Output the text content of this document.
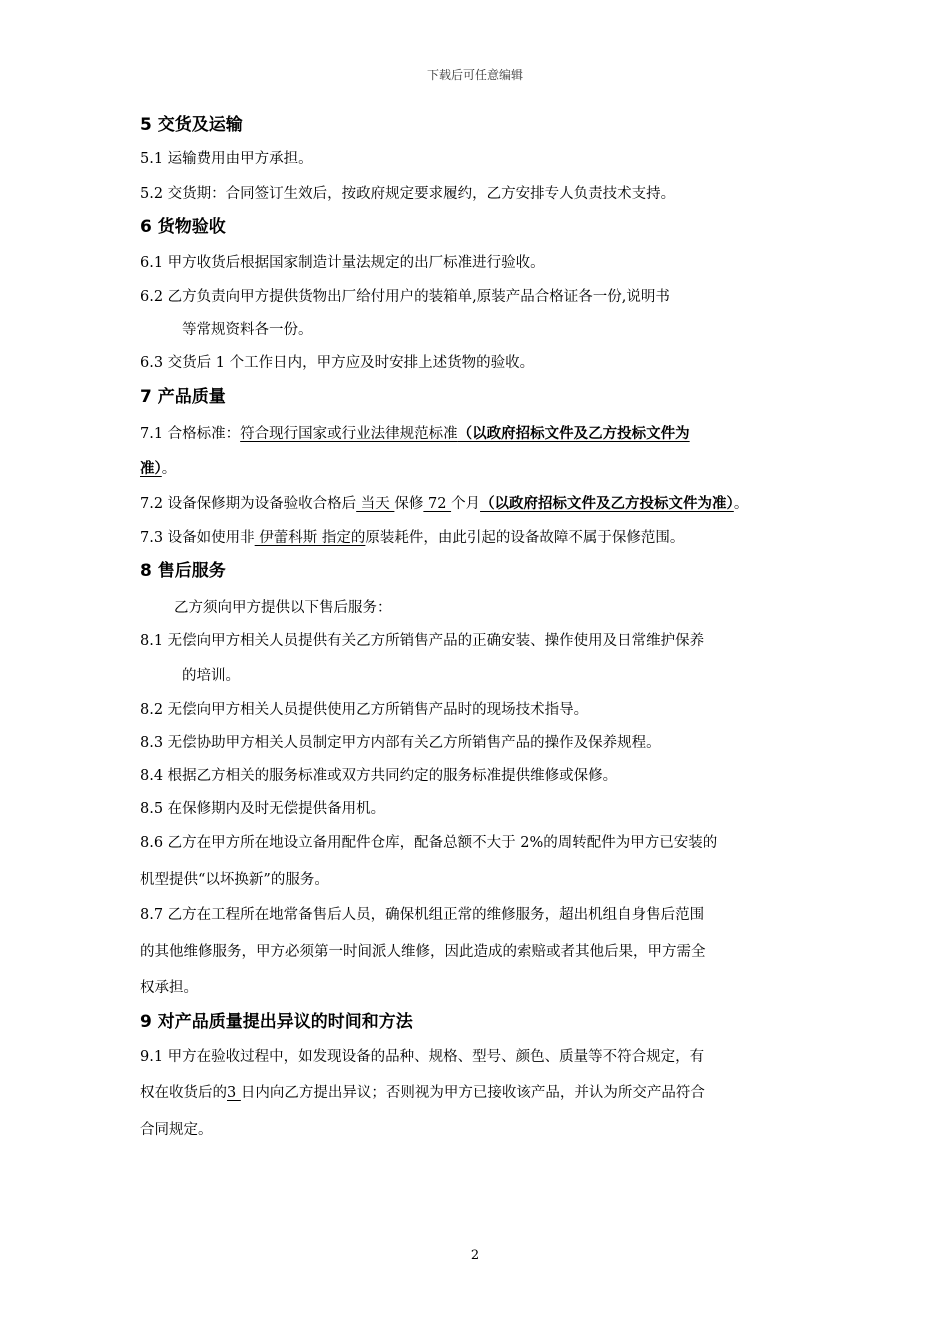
下载后可任意编辑
5 交货及运输
5.1 运输费用由甲方承担。
5.2 交货期：合同签订生效后，按政府规定要求履约，乙方安排专人负责技术支持。
6 货物验收
6.1 甲方收货后根据国家制造计量法规定的出厂标准进行验收。
6.2 乙方负责向甲方提供货物出厂给付用户的装箱单,原装产品合格证各一份,说明书
等常规资料各一份。
6.3 交货后 1 个工作日内，甲方应及时安排上述货物的验收。
7 产品质量
7.1 合格标准：符合现行国家或行业法律规范标准（以政府招标文件及乙方投标文件为
准）。
7.2 设备保修期为设备验收合格后 当天 保修 72 个月（以政府招标文件及乙方投标文件为准）。
7.3 设备如使用非 伊蕾科斯 指定的原装耗件，由此引起的设备故障不属于保修范围。
8 售后服务
乙方须向甲方提供以下售后服务：
8.1 无偿向甲方相关人员提供有关乙方所销售产品的正确安装、操作使用及日常维护保养
的培训。
8.2 无偿向甲方相关人员提供使用乙方所销售产品时的现场技术指导。
8.3 无偿协助甲方相关人员制定甲方内部有关乙方所销售产品的操作及保养规程。
8.4 根据乙方相关的服务标准或双方共同约定的服务标准提供维修或保修。
8.5 在保修期内及时无偿提供备用机。
8.6 乙方在甲方所在地设立备用配件仓库，配备总额不大于 2%的周转配件为甲方已安装的
机型提供“以坏换新”的服务。
8.7 乙方在工程所在地常备售后人员，确保机组正常的维修服务，超出机组自身售后范围
的其他维修服务，甲方必须第一时间派人维修，因此造成的索赔或者其他后果，甲方需全
权承担。
9 对产品质量提出异议的时间和方法
9.1 甲方在验收过程中，如发现设备的品种、规格、型号、颜色、质量等不符合规定，有
权在收货后的3 日内向乙方提出异议；否则视为甲方已接收该产品，并认为所交产品符合
合同规定。
2
